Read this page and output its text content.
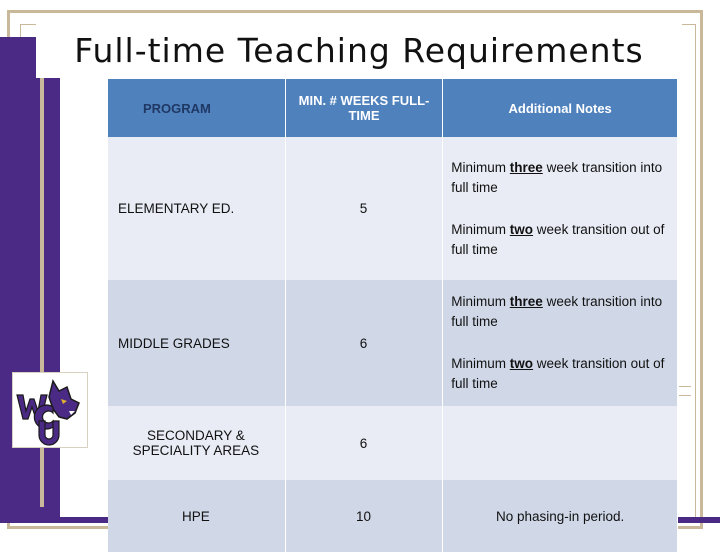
Full-time Teaching Requirements
PROGRAM	MIN. # WEEKS FULL-TIME	Additional Notes
ELEMENTARY ED.	5	Minimum three week transition into full time
Minimum two week transition out of full time

MIDDLE GRADES	6	Minimum three week transition into full time
Minimum two week transition out of full time

SECONDARY & SPECIALITY AREAS	6	
HPE	10	No phasing-in period.
